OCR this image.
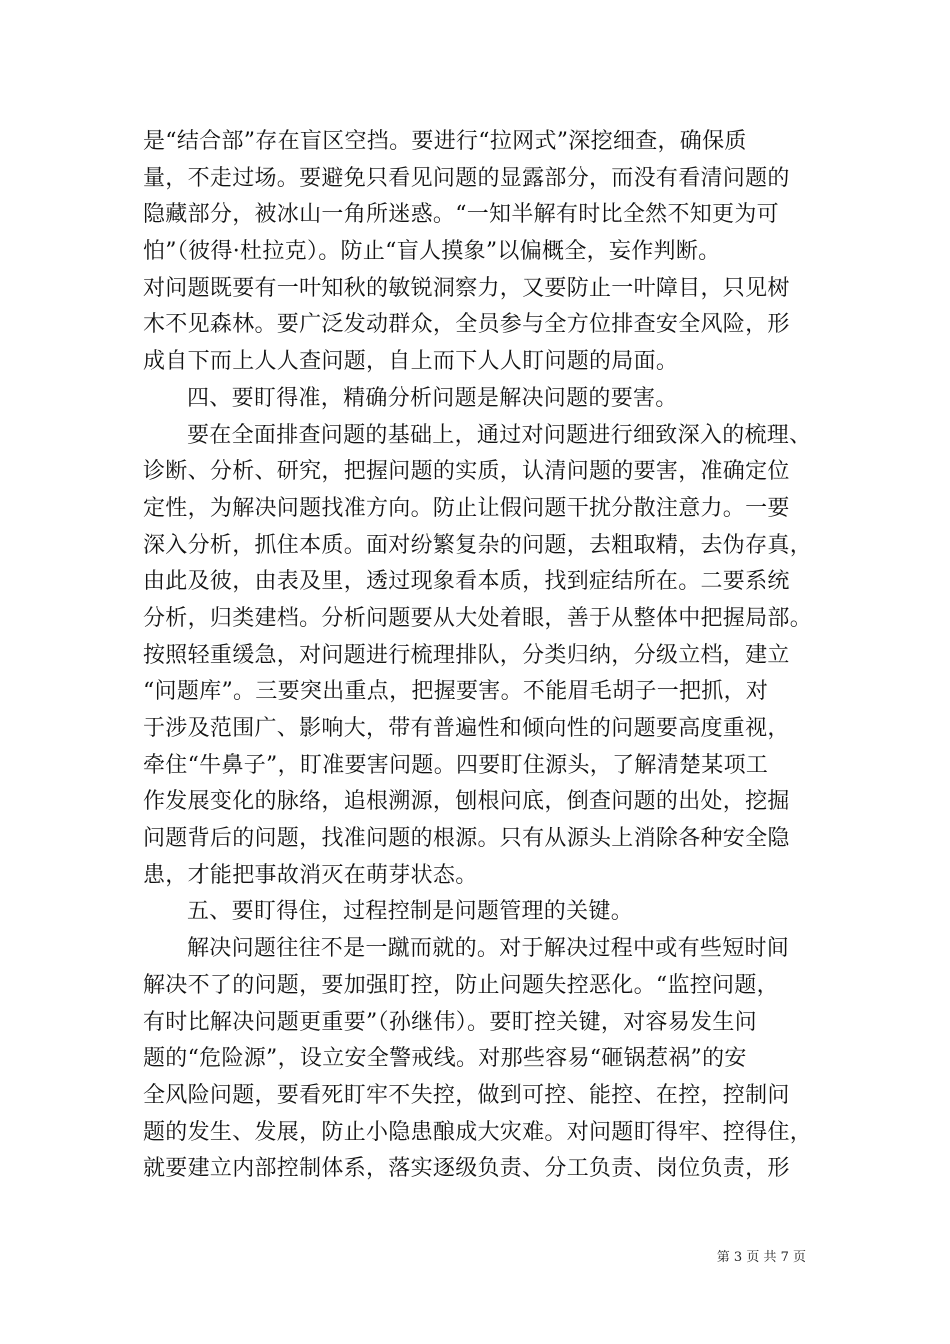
是“结合部”存在盲区空挡。要进行“拉网式”深挖细查，确保质
量，不走过场。要避免只看见问题的显露部分，而没有看清问题的
隐藏部分，被冰山一角所迷惑。“一知半解有时比全然不知更为可
怕”（彼得·杜拉克）。防止“盲人摸象”以偏概全，妄作判断。
对问题既要有一叶知秋的敏锐洞察力，又要防止一叶障目，只见树
木不见森林。要广泛发动群众，全员参与全方位排查安全风险，形
成自下而上人人查问题，自上而下人人盯问题的局面。
四、要盯得准，精确分析问题是解决问题的要害。
要在全面排查问题的基础上，通过对问题进行细致深入的梳理、
诊断、分析、研究，把握问题的实质，认清问题的要害，准确定位
定性，为解决问题找准方向。防止让假问题干扰分散注意力。一要
深入分析，抓住本质。面对纷繁复杂的问题，去粗取精，去伪存真，
由此及彼，由表及里，透过现象看本质，找到症结所在。二要系统
分析，归类建档。分析问题要从大处着眼，善于从整体中把握局部。
按照轻重缓急，对问题进行梳理排队，分类归纳，分级立档，建立
“问题库”。三要突出重点，把握要害。不能眉毛胡子一把抓，对
于涉及范围广、影响大，带有普遍性和倾向性的问题要高度重视，
牵住“牛鼻子”，盯准要害问题。四要盯住源头，了解清楚某项工
作发展变化的脉络，追根溯源，刨根问底，倒查问题的出处，挖掘
问题背后的问题，找准问题的根源。只有从源头上消除各种安全隐
患，才能把事故消灭在萌芽状态。
五、要盯得住，过程控制是问题管理的关键。
解决问题往往不是一蹴而就的。对于解决过程中或有些短时间
解决不了的问题，要加强盯控，防止问题失控恶化。“监控问题，
有时比解决问题更重要”（孙继伟）。要盯控关键，对容易发生问
题的“危险源”，设立安全警戒线。对那些容易“砸锅惹祸”的安
全风险问题，要看死盯牢不失控，做到可控、能控、在控，控制问
题的发生、发展，防止小隐患酿成大灾难。对问题盯得牢、控得住，
就要建立内部控制体系，落实逐级负责、分工负责、岗位负责，形
第 3 页 共 7 页
